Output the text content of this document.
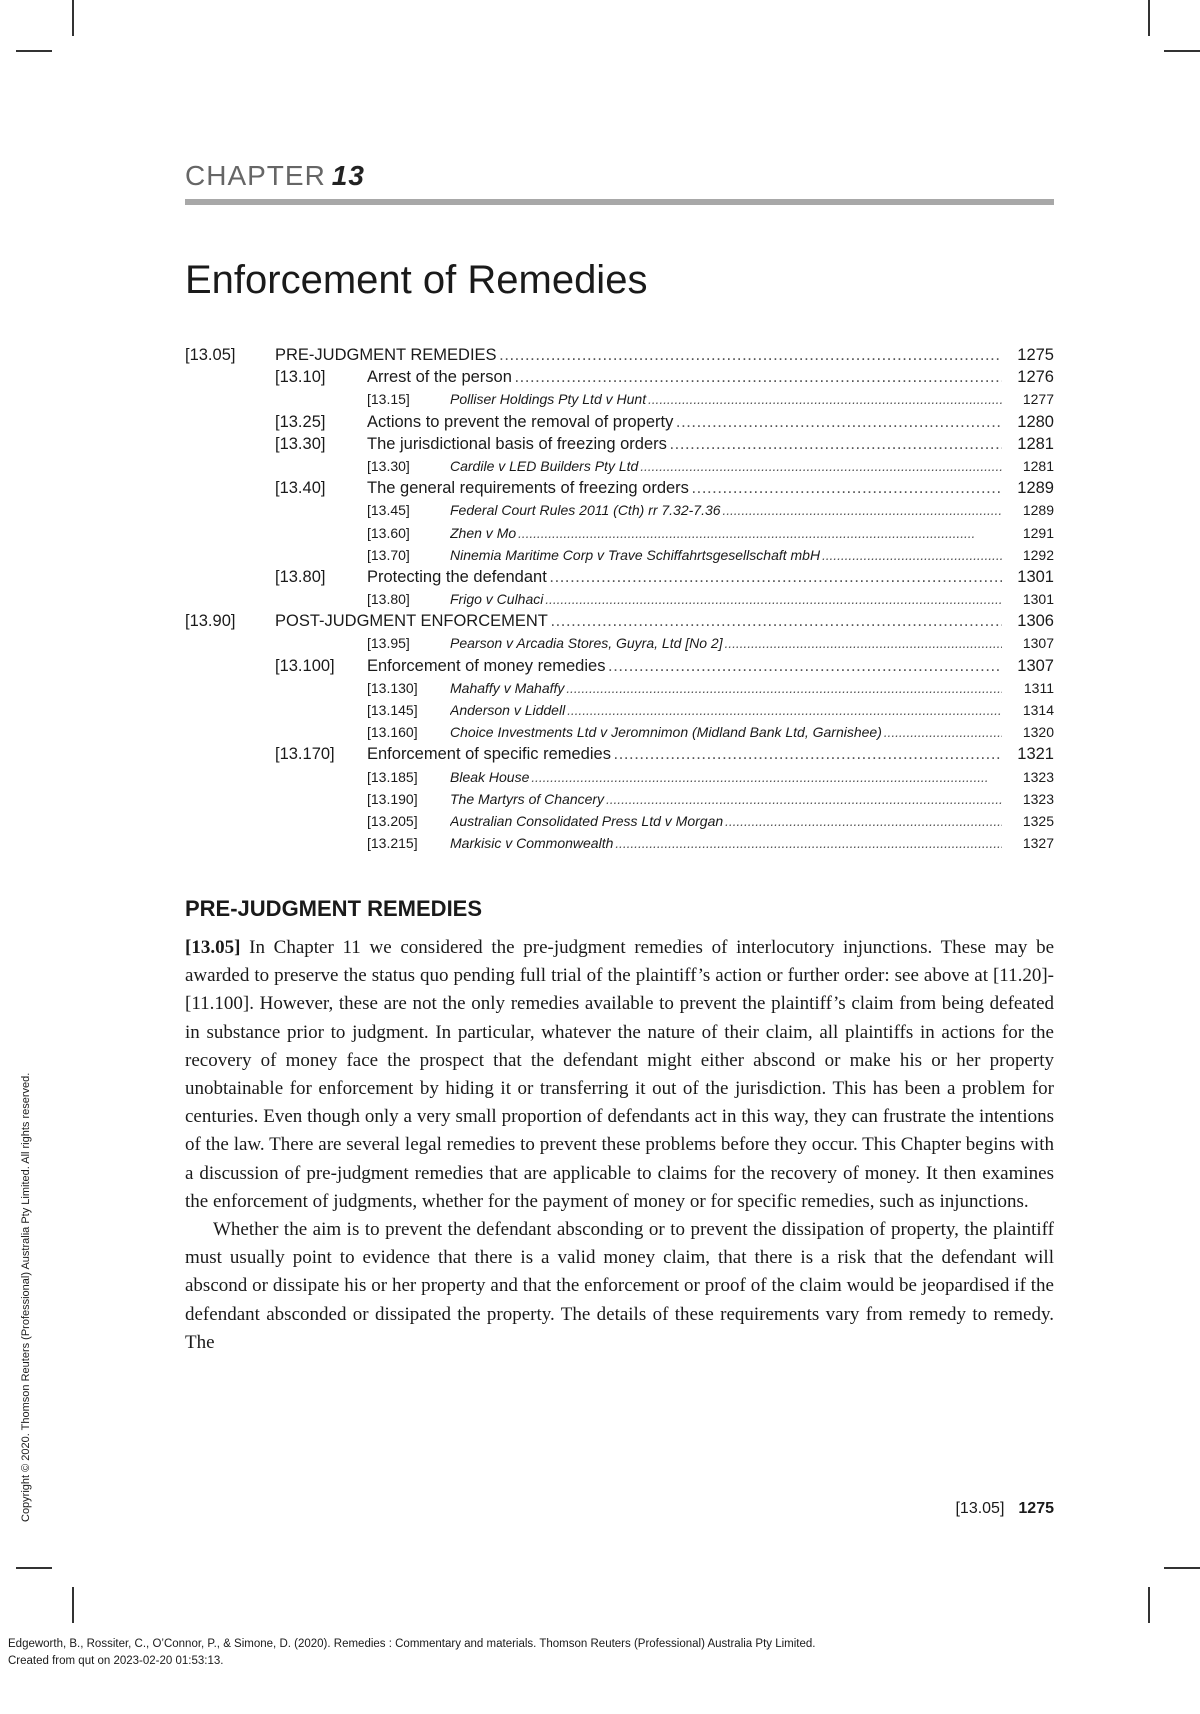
CHAPTER 13
Enforcement of Remedies
[13.05] PRE-JUDGMENT REMEDIES . . .	1275
[13.10]	Arrest of the person . . .	1276
[13.15]	Polliser Holdings Pty Ltd v Hunt . . .	1277
[13.25]	Actions to prevent the removal of property . . .	1280
[13.30]	The jurisdictional basis of freezing orders . . .	1281
[13.30]	Cardile v LED Builders Pty Ltd . . .	1281
[13.40]	The general requirements of freezing orders . . .	1289
[13.45]	Federal Court Rules 2011 (Cth) rr 7.32-7.36 . . .	1289
[13.60]	Zhen v Mo . . .	1291
[13.70]	Ninemia Maritime Corp v Trave Schiffahrtsgesellschaft mbH . . .	1292
[13.80]	Protecting the defendant . . .	1301
[13.80]	Frigo v Culhaci . . .	1301
[13.90] POST-JUDGMENT ENFORCEMENT . . .	1306
[13.95]	Pearson v Arcadia Stores, Guyra, Ltd [No 2] . . .	1307
[13.100] Enforcement of money remedies . . .	1307
[13.130] Mahaffy v Mahaffy . . .	1311
[13.145] Anderson v Liddell . . .	1314
[13.160] Choice Investments Ltd v Jeromnimon (Midland Bank Ltd, Garnishee) . . .	1320
[13.170] Enforcement of specific remedies . . .	1321
[13.185] Bleak House . . .	1323
[13.190] The Martyrs of Chancery . . .	1323
[13.205] Australian Consolidated Press Ltd v Morgan . . .	1325
[13.215] Markisic v Commonwealth . . .	1327
PRE-JUDGMENT REMEDIES

[13.05] In Chapter 11 we considered the pre-judgment remedies of interlocutory injunctions. These may be awarded to preserve the status quo pending full trial of the plaintiff’s action or further order: see above at [11.20]-[11.100]. However, these are not the only remedies available to prevent the plaintiff’s claim from being defeated in substance prior to judgment. In particular, whatever the nature of their claim, all plaintiffs in actions for the recovery of money face the prospect that the defendant might either abscond or make his or her property unobtainable for enforcement by hiding it or transferring it out of the jurisdiction. This has been a problem for centuries. Even though only a very small proportion of defendants act in this way, they can frustrate the intentions of the law. There are several legal remedies to prevent these problems before they occur. This Chapter begins with a discussion of pre-judgment remedies that are applicable to claims for the recovery of money. It then examines the enforcement of judgments, whether for the payment of money or for specific remedies, such as injunctions.

Whether the aim is to prevent the defendant absconding or to prevent the dissipation of property, the plaintiff must usually point to evidence that there is a valid money claim, that there is a risk that the defendant will abscond or dissipate his or her property and that the enforcement or proof of the claim would be jeopardised if the defendant absconded or dissipated the property. The details of these requirements vary from remedy to remedy. The

[13.05] 1275
Copyright © 2020. Thomson Reuters (Professional) Australia Pty Limited. All rights reserved.
Edgeworth, B., Rossiter, C., O’Connor, P., & Simone, D. (2020). Remedies : Commentary and materials. Thomson Reuters (Professional) Australia Pty Limited.
Created from qut on 2023-02-20 01:53:13.
